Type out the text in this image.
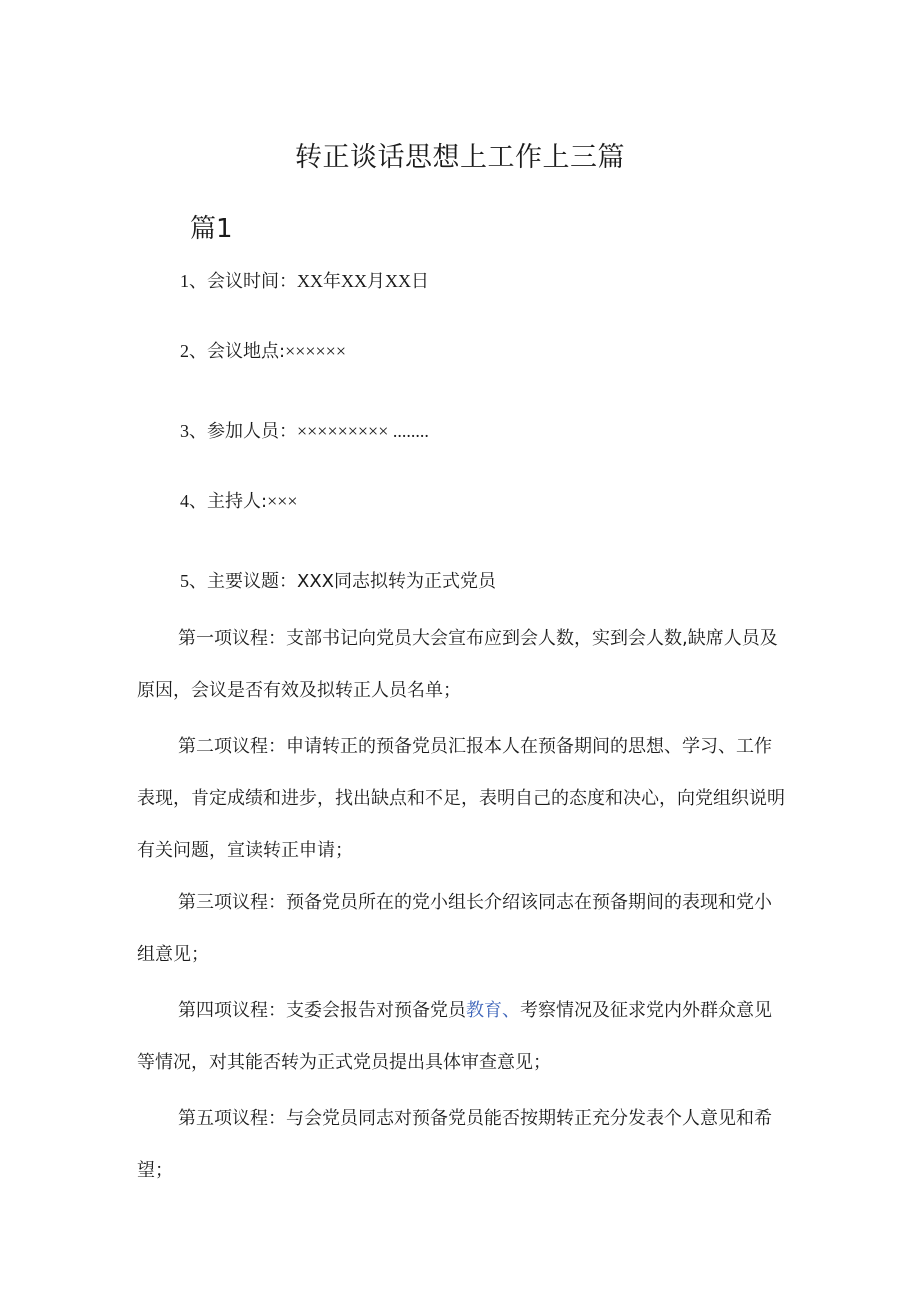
转正谈话思想上工作上三篇
篇1
1、会议时间：XX年XX月XX日
2、会议地点:××××××
3、参加人员：××××××××× ........
4、主持人:×××
5、主要议题：XXX同志拟转为正式党员

第一项议程：支部书记向党员大会宣布应到会人数，实到会人数,缺席人员及原因，会议是否有效及拟转正人员名单；

第二项议程：申请转正的预备党员汇报本人在预备期间的思想、学习、工作表现，肯定成绩和进步，找出缺点和不足，表明自己的态度和决心，向党组织说明有关问题，宣读转正申请；

第三项议程：预备党员所在的党小组长介绍该同志在预备期间的表现和党小组意见；

第四项议程：支委会报告对预备党员教育、考察情况及征求党内外群众意见等情况，对其能否转为正式党员提出具体审查意见；

第五项议程：与会党员同志对预备党员能否按期转正充分发表个人意见和希望；
